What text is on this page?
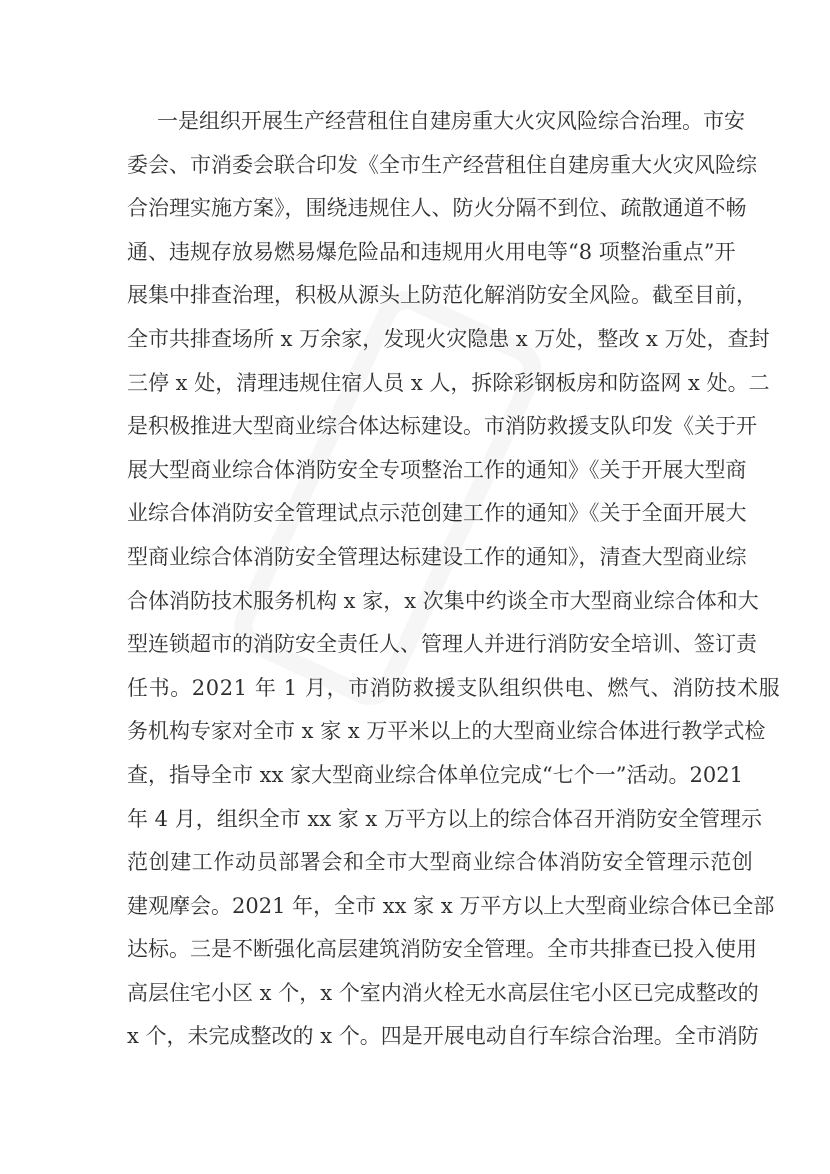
一是组织开展生产经营租住自建房重大火灾风险综合治理。市安
委会、市消委会联合印发《全市生产经营租住自建房重大火灾风险综
合治理实施方案》，围绕违规住人、防火分隔不到位、疏散通道不畅
通、违规存放易燃易爆危险品和违规用火用电等“8 项整治重点”开
展集中排查治理，积极从源头上防范化解消防安全风险。截至目前，
全市共排查场所 x 万余家，发现火灾隐患 x 万处，整改 x 万处，查封
三停 x 处，清理违规住宿人员 x 人，拆除彩钢板房和防盗网 x 处。二
是积极推进大型商业综合体达标建设。市消防救援支队印发《关于开
展大型商业综合体消防安全专项整治工作的通知》《关于开展大型商
业综合体消防安全管理试点示范创建工作的通知》《关于全面开展大
型商业综合体消防安全管理达标建设工作的通知》，清查大型商业综
合体消防技术服务机构 x 家，x 次集中约谈全市大型商业综合体和大
型连锁超市的消防安全责任人、管理人并进行消防安全培训、签订责
任书。2021 年 1 月，市消防救援支队组织供电、燃气、消防技术服
务机构专家对全市 x 家 x 万平米以上的大型商业综合体进行教学式检
查，指导全市 xx 家大型商业综合体单位完成“七个一”活动。2021
年 4 月，组织全市 xx 家 x 万平方以上的综合体召开消防安全管理示
范创建工作动员部署会和全市大型商业综合体消防安全管理示范创
建观摩会。2021 年，全市 xx 家 x 万平方以上大型商业综合体已全部
达标。三是不断强化高层建筑消防安全管理。全市共排查已投入使用
高层住宅小区 x 个，x 个室内消火栓无水高层住宅小区已完成整改的
x 个，未完成整改的 x 个。四是开展电动自行车综合治理。全市消防
